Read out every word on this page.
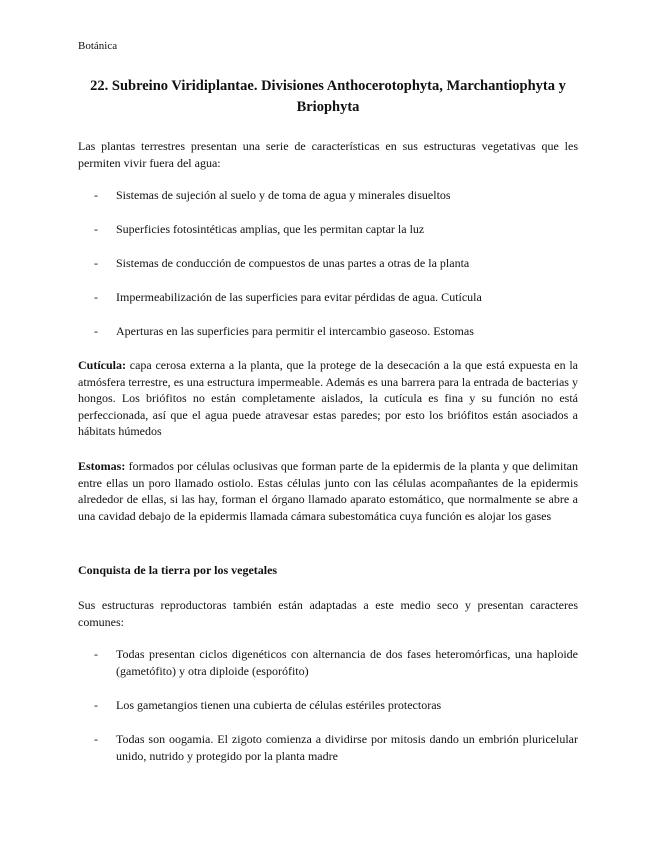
Botánica
22. Subreino Viridiplantae. Divisiones Anthocerotophyta, Marchantiophyta y Briophyta
Las plantas terrestres presentan una serie de características en sus estructuras vegetativas que les permiten vivir fuera del agua:
- Sistemas de sujeción al suelo y de toma de agua y minerales disueltos
- Superficies fotosintéticas amplias, que les permitan captar la luz
- Sistemas de conducción de compuestos de unas partes a otras de la planta
- Impermeabilización de las superficies para evitar pérdidas de agua. Cutícula
- Aperturas en las superficies para permitir el intercambio gaseoso. Estomas
Cutícula: capa cerosa externa a la planta, que la protege de la desecación a la que está expuesta en la atmósfera terrestre, es una estructura impermeable. Además es una barrera para la entrada de bacterias y hongos. Los briófitos no están completamente aislados, la cutícula es fina y su función no está perfeccionada, así que el agua puede atravesar estas paredes; por esto los briófitos están asociados a hábitats húmedos
Estomas: formados por células oclusivas que forman parte de la epidermis de la planta y que delimitan entre ellas un poro llamado ostiolo. Estas células junto con las células acompañantes de la epidermis alrededor de ellas, si las hay, forman el órgano llamado aparato estomático, que normalmente se abre a una cavidad debajo de la epidermis llamada cámara subestomática cuya función es alojar los gases
Conquista de la tierra por los vegetales
Sus estructuras reproductoras también están adaptadas a este medio seco y presentan caracteres comunes:
- Todas presentan ciclos digenéticos con alternancia de dos fases heteromórficas, una haploide (gametófito) y otra diploide (esporófito)
- Los gametangios tienen una cubierta de células estériles protectoras
- Todas son oogamia. El zigoto comienza a dividirse por mitosis dando un embrión pluricelular unido, nutrido y protegido por la planta madre
